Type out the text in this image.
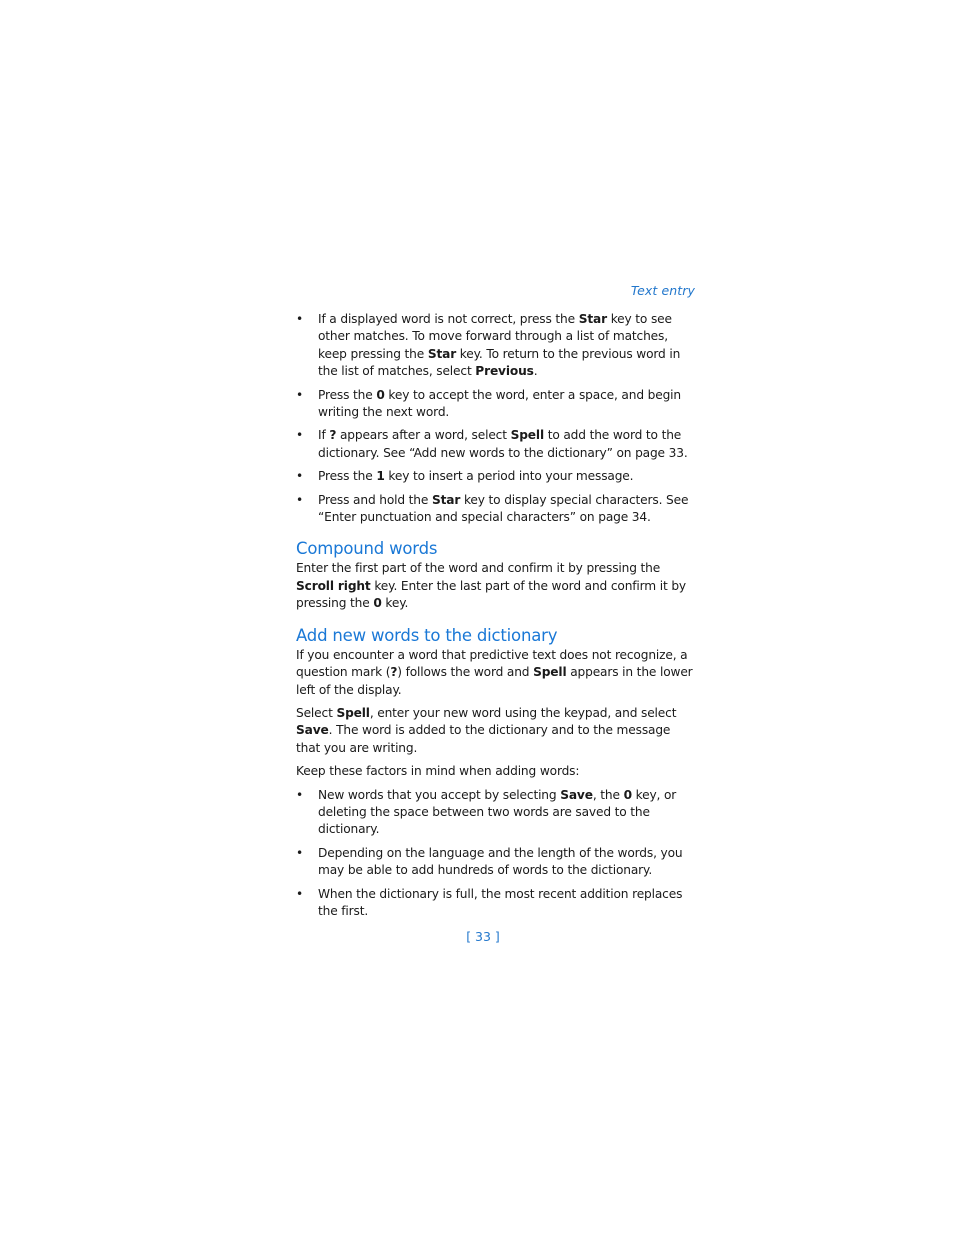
Text entry
• If a displayed word is not correct, press the Star key to see other matches. To move forward through a list of matches, keep pressing the Star key. To return to the previous word in the list of matches, select Previous.
• Press the 0 key to accept the word, enter a space, and begin writing the next word.
• If ? appears after a word, select Spell to add the word to the dictionary. See “Add new words to the dictionary” on page 33.
• Press the 1 key to insert a period into your message.
• Press and hold the Star key to display special characters. See “Enter punctuation and special characters” on page 34.
Compound words

Enter the first part of the word and confirm it by pressing the Scroll right key. Enter the last part of the word and confirm it by pressing the 0 key.

Add new words to the dictionary

If you encounter a word that predictive text does not recognize, a question mark (?) follows the word and Spell appears in the lower left of the display.

Select Spell, enter your new word using the keypad, and select Save. The word is added to the dictionary and to the message that you are writing.

Keep these factors in mind when adding words:

• New words that you accept by selecting Save, the 0 key, or deleting the space between two words are saved to the dictionary.
• Depending on the language and the length of the words, you may be able to add hundreds of words to the dictionary.
• When the dictionary is full, the most recent addition replaces the first.
[ 33 ]
